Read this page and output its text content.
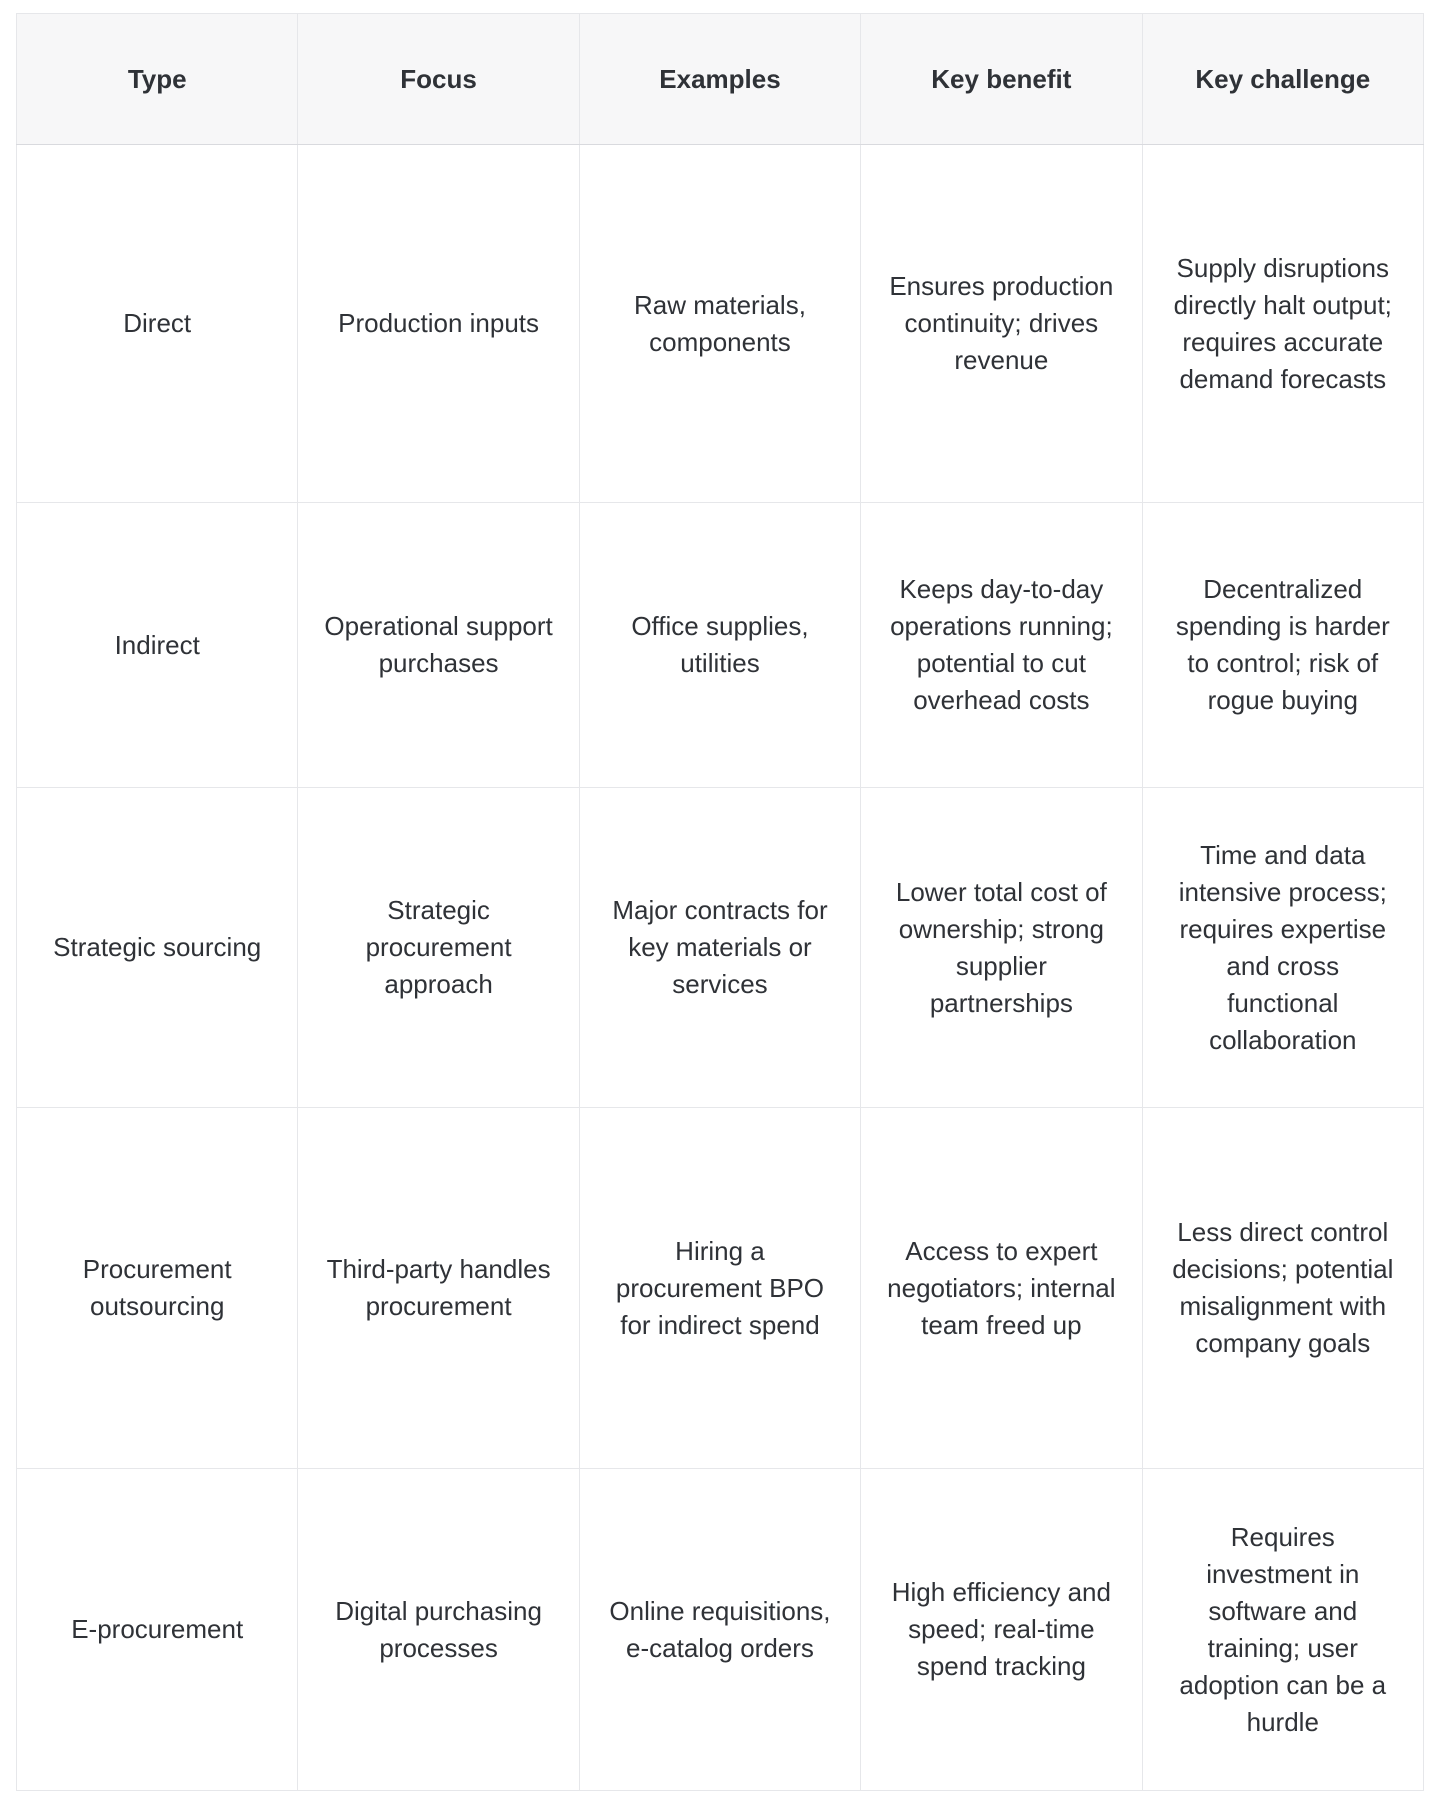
Type	Focus	Examples	Key benefit	Key challenge
Direct	Production inputs	Raw materials, components	Ensures production continuity; drives revenue	Supply disruptions directly halt output; requires accurate demand forecasts
Indirect	Operational support purchases	Office supplies, utilities	Keeps day-to-day operations running; potential to cut overhead costs	Decentralized spending is harder to control; risk of rogue buying
Strategic sourcing	Strategic procurement approach	Major contracts for key materials or services	Lower total cost of ownership; strong supplier partnerships	Time and data intensive process; requires expertise and cross functional collaboration
Procurement outsourcing	Third-party handles procurement	Hiring a procurement BPO for indirect spend	Access to expert negotiators; internal team freed up	Less direct control decisions; potential misalignment with company goals
E-procurement	Digital purchasing processes	Online requisitions, e-catalog orders	High efficiency and speed; real-time spend tracking	Requires investment in software and training; user adoption can be a hurdle
